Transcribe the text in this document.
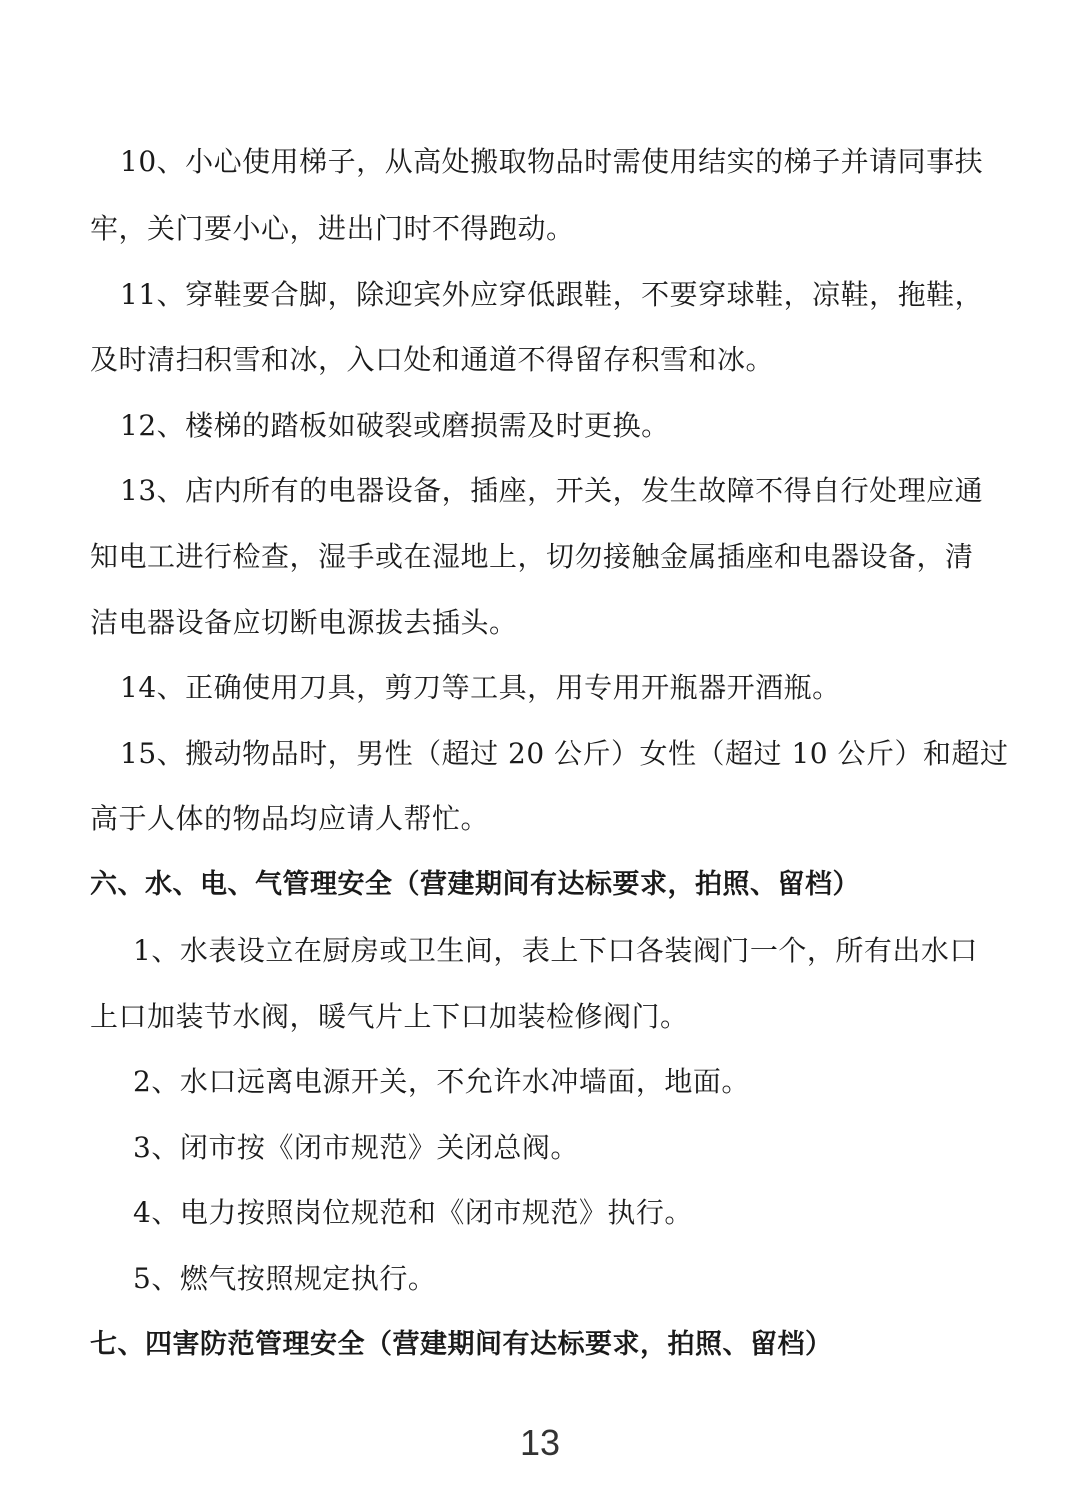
10、小心使用梯子，从高处搬取物品时需使用结实的梯子并请同事扶
牢，关门要小心，进出门时不得跑动。
11、穿鞋要合脚，除迎宾外应穿低跟鞋，不要穿球鞋，凉鞋，拖鞋，
及时清扫积雪和冰，入口处和通道不得留存积雪和冰。
12、楼梯的踏板如破裂或磨损需及时更换。
13、店内所有的电器设备，插座，开关，发生故障不得自行处理应通
知电工进行检查，湿手或在湿地上，切勿接触金属插座和电器设备，清
洁电器设备应切断电源拔去插头。
14、正确使用刀具，剪刀等工具，用专用开瓶器开酒瓶。
15、搬动物品时，男性（超过 20 公斤）女性（超过 10 公斤）和超过
高于人体的物品均应请人帮忙。
六、水、电、气管理安全（营建期间有达标要求，拍照、留档）
1、水表设立在厨房或卫生间，表上下口各装阀门一个，所有出水口
上口加装节水阀，暖气片上下口加装检修阀门。
2、水口远离电源开关，不允许水冲墙面，地面。
3、闭市按《闭市规范》关闭总阀。
4、电力按照岗位规范和《闭市规范》执行。
5、燃气按照规定执行。
七、四害防范管理安全（营建期间有达标要求，拍照、留档）
13
